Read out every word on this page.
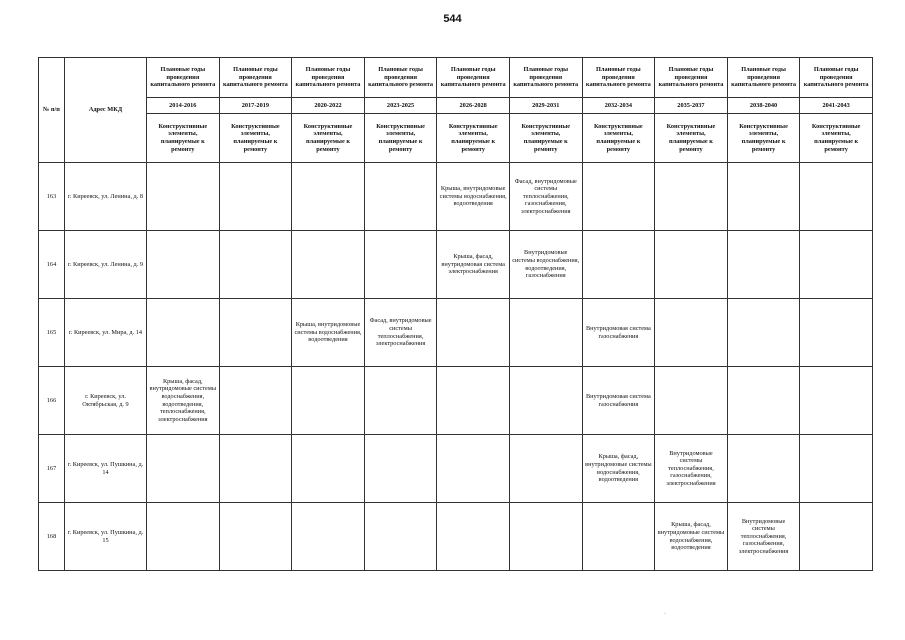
544
№ п/п	Адрес МКД	Плановые годы проведения капитального ремонта	Плановые годы проведения капитального ремонта	Плановые годы проведения капитального ремонта	Плановые годы проведения капитального ремонта	Плановые годы проведения капитального ремонта	Плановые годы проведения капитального ремонта	Плановые годы проведения капитального ремонта	Плановые годы проведения капитального ремонта	Плановые годы проведения капитального ремонта	Плановые годы проведения капитального ремонта
		2014-2016	2017-2019	2020-2022	2023-2025	2026-2028	2029-2031	2032-2034	2035-2037	2038-2040	2041-2043
		Конструктивные элементы, планируемые к ремонту	Конструктивные элементы, планируемые к ремонту	Конструктивные элементы, планируемые к ремонту	Конструктивные элементы, планируемые к ремонту	Конструктивные элементы, планируемые к ремонту	Конструктивные элементы, планируемые к ремонту	Конструктивные элементы, планируемые к ремонту	Конструктивные элементы, планируемые к ремонту	Конструктивные элементы, планируемые к ремонту	Конструктивные элементы, планируемые к ремонту
163	г. Киреевск, ул. Ленина, д. 8					Крыша, внутридомовые системы водоснабжения, водоотведения	Фасад, внутридомовые системы теплоснабжения, газоснабжения, электроснабжения				
164	г. Киреевск, ул. Ленина, д. 9					Крыша, фасад, внутридомовая система электроснабжения	Внутридомовые системы водоснабжения, водоотведения, газоснабжения				
165	г. Киреевск, ул. Мира, д. 14			Крыша, внутридомовые системы водоснабжения, водоотведения	Фасад, внутридомовые системы теплоснабжения, электроснабжения			Внутридомовая система газоснабжения			
166	г. Киреевск, ул. Октябрьская, д. 9	Крыша, фасад, внутридомовые системы водоснабжения, водоотведения, теплоснабжения, электроснабжения						Внутридомовая система газоснабжения			
167	г. Киреевск, ул. Пушкина, д. 14							Крыша, фасад, внутридомовые системы водоснабжения, водоотведения	Внутридомовые системы теплоснабжения, газоснабжения, электроснабжения		
168	г. Киреевск, ул. Пушкина, д. 15								Крыша, фасад, внутридомовые системы водоснабжения, водоотведения	Внутридомовые системы теплоснабжения, газоснабжения, электроснабжения	
·
